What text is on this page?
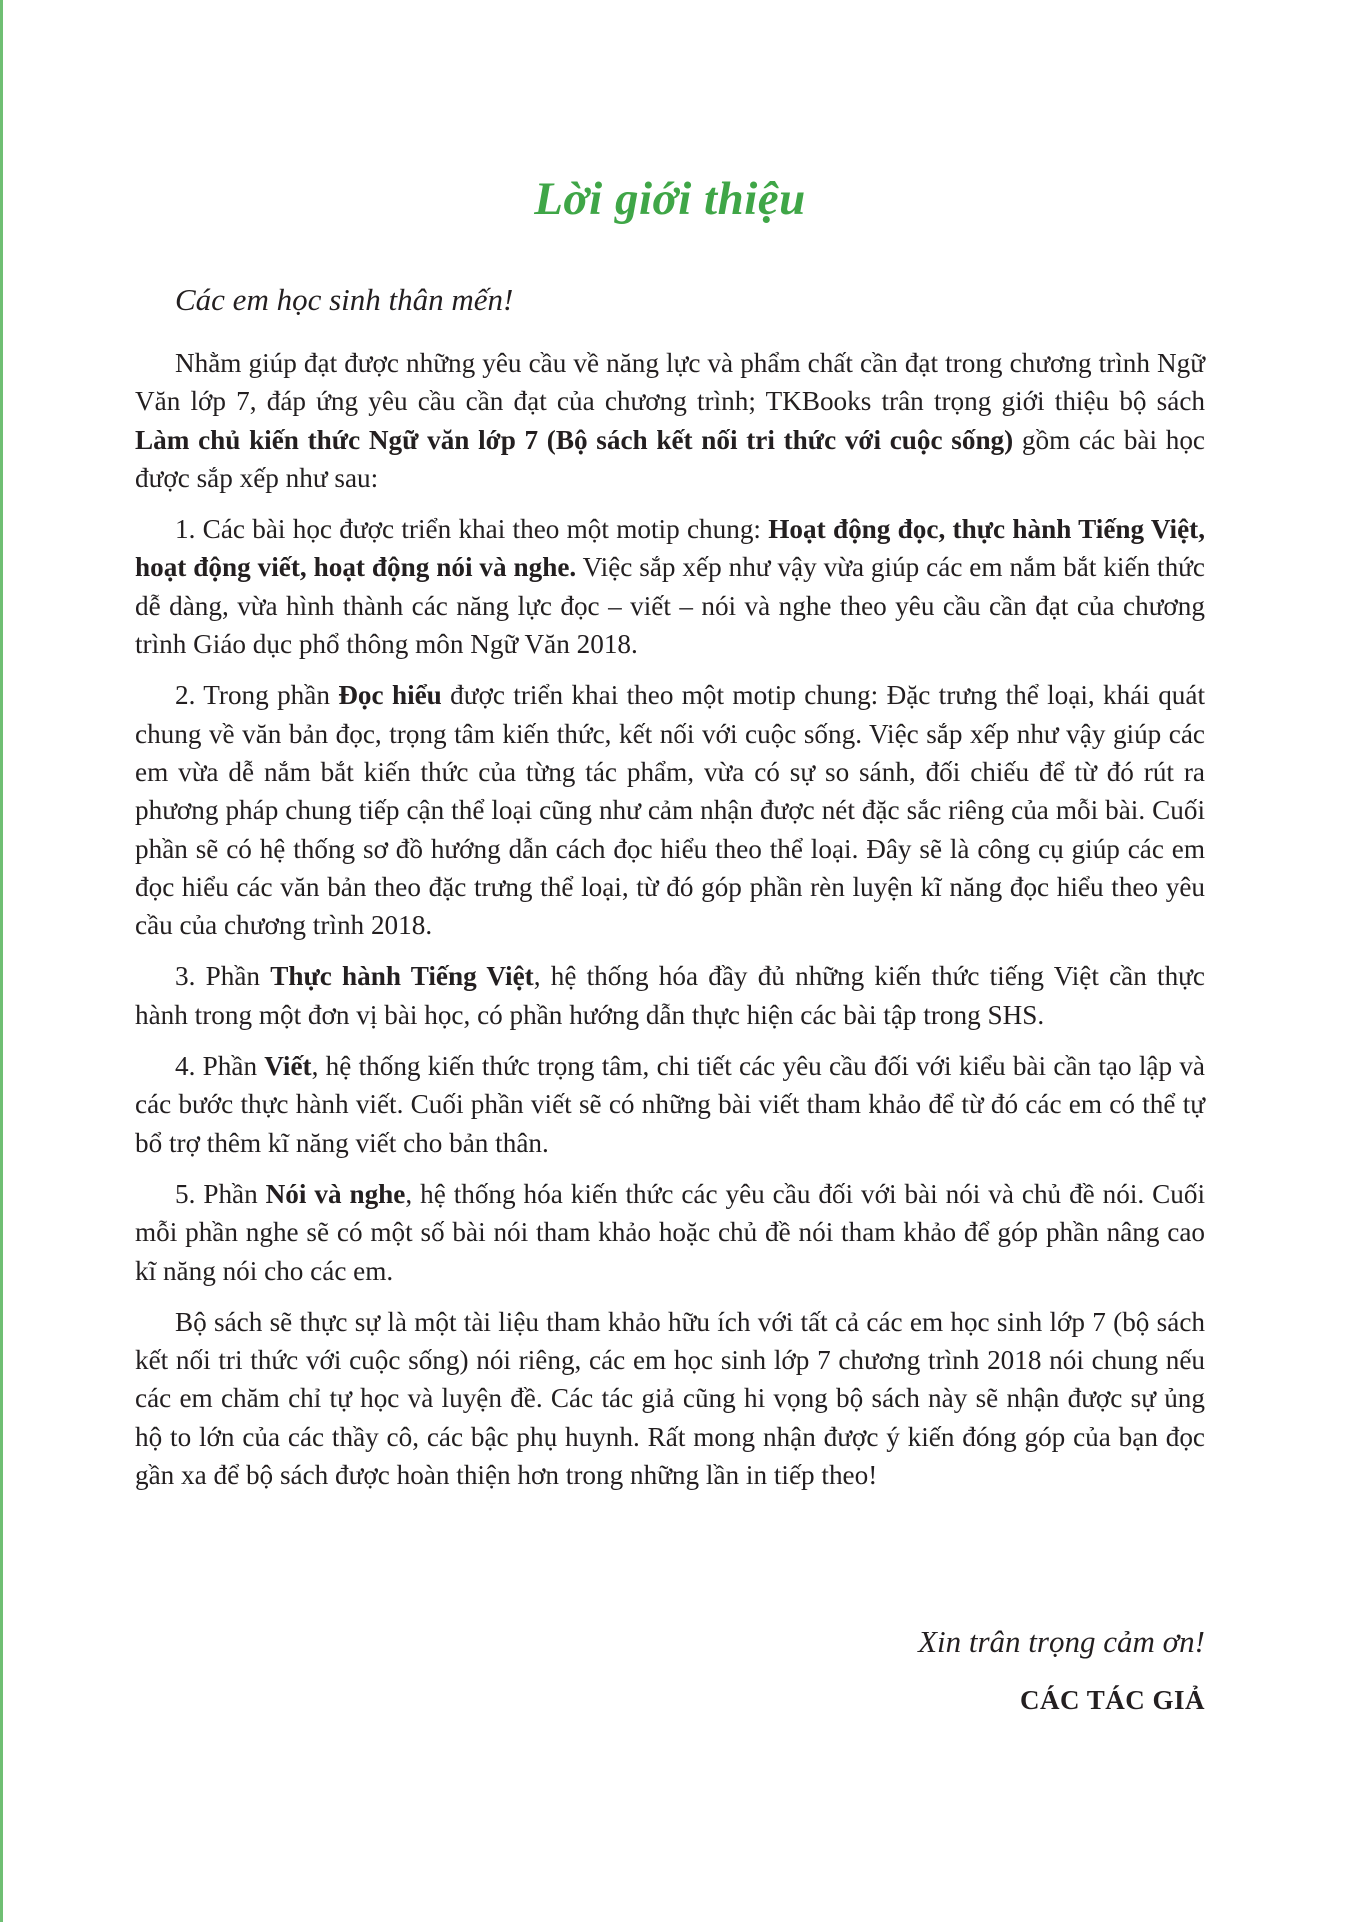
Lời giới thiệu
Các em học sinh thân mến!

Nhằm giúp đạt được những yêu cầu về năng lực và phẩm chất cần đạt trong chương trình Ngữ Văn lớp 7, đáp ứng yêu cầu cần đạt của chương trình; TKBooks trân trọng giới thiệu bộ sách Làm chủ kiến thức Ngữ văn lớp 7 (Bộ sách kết nối tri thức với cuộc sống) gồm các bài học được sắp xếp như sau:

1. Các bài học được triển khai theo một motip chung: Hoạt động đọc, thực hành Tiếng Việt, hoạt động viết, hoạt động nói và nghe. Việc sắp xếp như vậy vừa giúp các em nắm bắt kiến thức dễ dàng, vừa hình thành các năng lực đọc – viết – nói và nghe theo yêu cầu cần đạt của chương trình Giáo dục phổ thông môn Ngữ Văn 2018.

2. Trong phần Đọc hiểu được triển khai theo một motip chung: Đặc trưng thể loại, khái quát chung về văn bản đọc, trọng tâm kiến thức, kết nối với cuộc sống. Việc sắp xếp như vậy giúp các em vừa dễ nắm bắt kiến thức của từng tác phẩm, vừa có sự so sánh, đối chiếu để từ đó rút ra phương pháp chung tiếp cận thể loại cũng như cảm nhận được nét đặc sắc riêng của mỗi bài. Cuối phần sẽ có hệ thống sơ đồ hướng dẫn cách đọc hiểu theo thể loại. Đây sẽ là công cụ giúp các em đọc hiểu các văn bản theo đặc trưng thể loại, từ đó góp phần rèn luyện kĩ năng đọc hiểu theo yêu cầu của chương trình 2018.

3. Phần Thực hành Tiếng Việt, hệ thống hóa đầy đủ những kiến thức tiếng Việt cần thực hành trong một đơn vị bài học, có phần hướng dẫn thực hiện các bài tập trong SHS.

4. Phần Viết, hệ thống kiến thức trọng tâm, chi tiết các yêu cầu đối với kiểu bài cần tạo lập và các bước thực hành viết. Cuối phần viết sẽ có những bài viết tham khảo để từ đó các em có thể tự bổ trợ thêm kĩ năng viết cho bản thân.

5. Phần Nói và nghe, hệ thống hóa kiến thức các yêu cầu đối với bài nói và chủ đề nói. Cuối mỗi phần nghe sẽ có một số bài nói tham khảo hoặc chủ đề nói tham khảo để góp phần nâng cao kĩ năng nói cho các em.

Bộ sách sẽ thực sự là một tài liệu tham khảo hữu ích với tất cả các em học sinh lớp 7 (bộ sách kết nối tri thức với cuộc sống) nói riêng, các em học sinh lớp 7 chương trình 2018 nói chung nếu các em chăm chỉ tự học và luyện đề. Các tác giả cũng hi vọng bộ sách này sẽ nhận được sự ủng hộ to lớn của các thầy cô, các bậc phụ huynh. Rất mong nhận được ý kiến đóng góp của bạn đọc gần xa để bộ sách được hoàn thiện hơn trong những lần in tiếp theo!

Xin trân trọng cảm ơn!
CÁC TÁC GIẢ
